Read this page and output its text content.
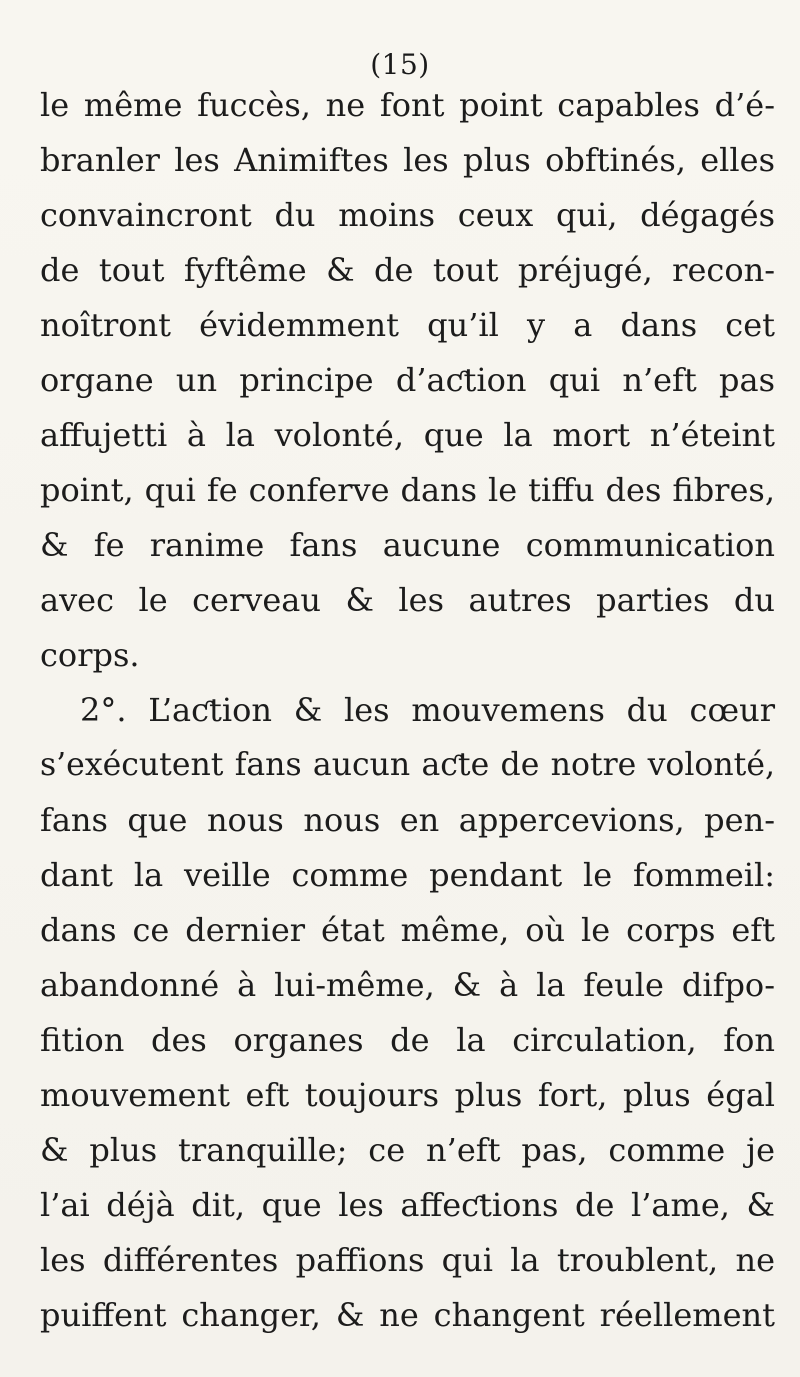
(15)
le même fuccès, ne font point capables d’é-
branler les Animiftes les plus obftinés, elles
convaincront du moins ceux qui, dégagés
de tout fyftême & de tout préjugé, recon-
noîtront évidemment qu’il y a dans cet
organe un principe d’aƈtion qui n’eft pas
affujetti à la volonté, que la mort n’éteint
point, qui fe conferve dans le tiffu des fibres,
& fe ranime fans aucune communication
avec le cerveau & les autres parties du
corps.
2°. L’aƈtion & les mouvemens du cœur
s’exécutent fans aucun aƈte de notre volonté,
fans que nous nous en appercevions, pen-
dant la veille comme pendant le fommeil:
dans ce dernier état même, où le corps eft
abandonné à lui-même, & à la feule difpo-
fition des organes de la circulation, fon
mouvement eft toujours plus fort, plus égal
& plus tranquille; ce n’eft pas, comme je
l’ai déjà dit, que les affeƈtions de l’ame, &
les différentes paffions qui la troublent, ne
puiffent changer, & ne changent réellement
